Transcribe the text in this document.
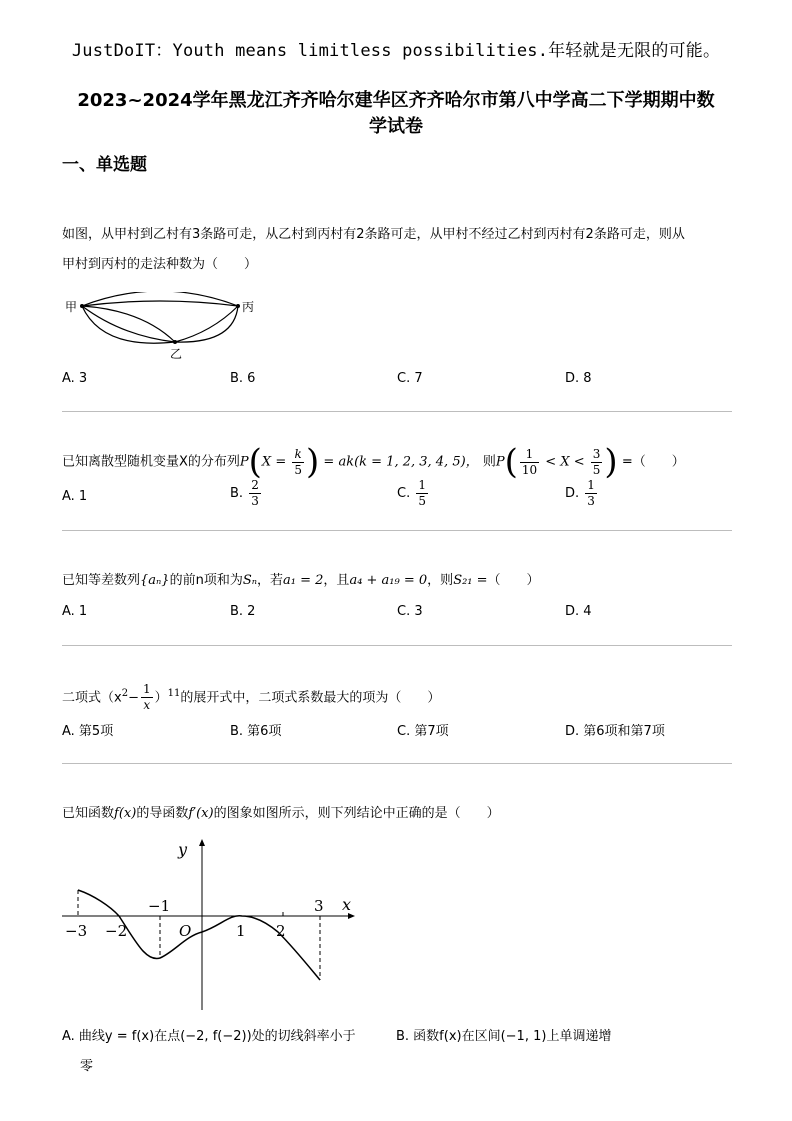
JustDoIT：Youth means limitless possibilities.年轻就是无限的可能。
2023~2024学年黑龙江齐齐哈尔建华区齐齐哈尔市第八中学高二下学期期中数
学试卷
一、单选题
如图，从甲村到乙村有3条路可走，从乙村到丙村有2条路可走，从甲村不经过乙村到丙村有2条路可走，则从
甲村到丙村的走法种数为（　　）
甲	丙
乙
A. 3	B. 6	C. 7	D. 8
已知离散型随机变量X的分布列$P(X = \frac{k}{5}$ ) = ak(k = 1, 2, 3, 4, 5)， 则$P( \frac{1}{10} < X < \frac{3}{5}$ ) =（　　）
A. 1	B. $\frac{2}{3}$	C. $\frac{1}{5}$	D. $\frac{1}{3}$
已知等差数列{aₙ}的前n项和为Sₙ，若a₁ = 2，且a₄ + a₁₉ = 0，则S₂₁ =（　　）
A. 1	B. 2	C. 3	D. 4
二项式$(x^2- \frac{1}{x} )^{11}$的展开式中，二项式系数最大的项为（　　）
A. 第5项	B. 第6项	C. 第7项	D. 第6项和第7项
已知函数f(x)的导函数f′(x)的图象如图所示，则下列结论中正确的是（　　）
y
x
O
−3 −2
−1
1 2
3
A. 曲线y = f(x)在点(−2, f(−2))处的切线斜率小于
零
B. 函数f(x)在区间(−1, 1)上单调递增
